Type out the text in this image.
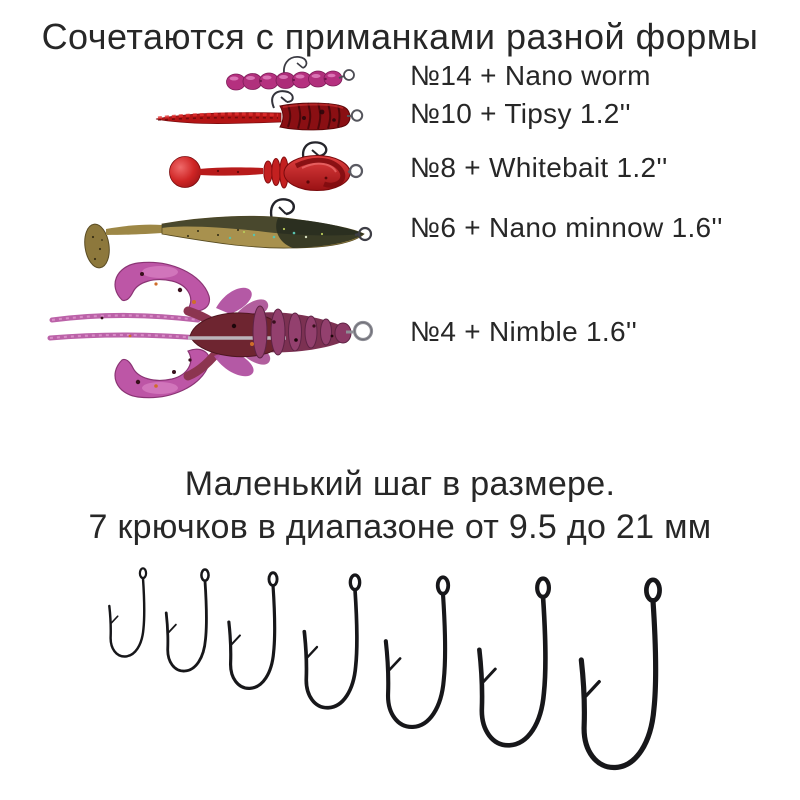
Сочетаются с приманками разной формы
№14 + Nano worm
№10 + Tipsy 1.2''
№8 + Whitebait 1.2''
№6 + Nano minnow 1.6''
№4 + Nimble 1.6''
Маленький шаг в размере.
7 крючков в диапазоне от 9.5 до 21 мм
